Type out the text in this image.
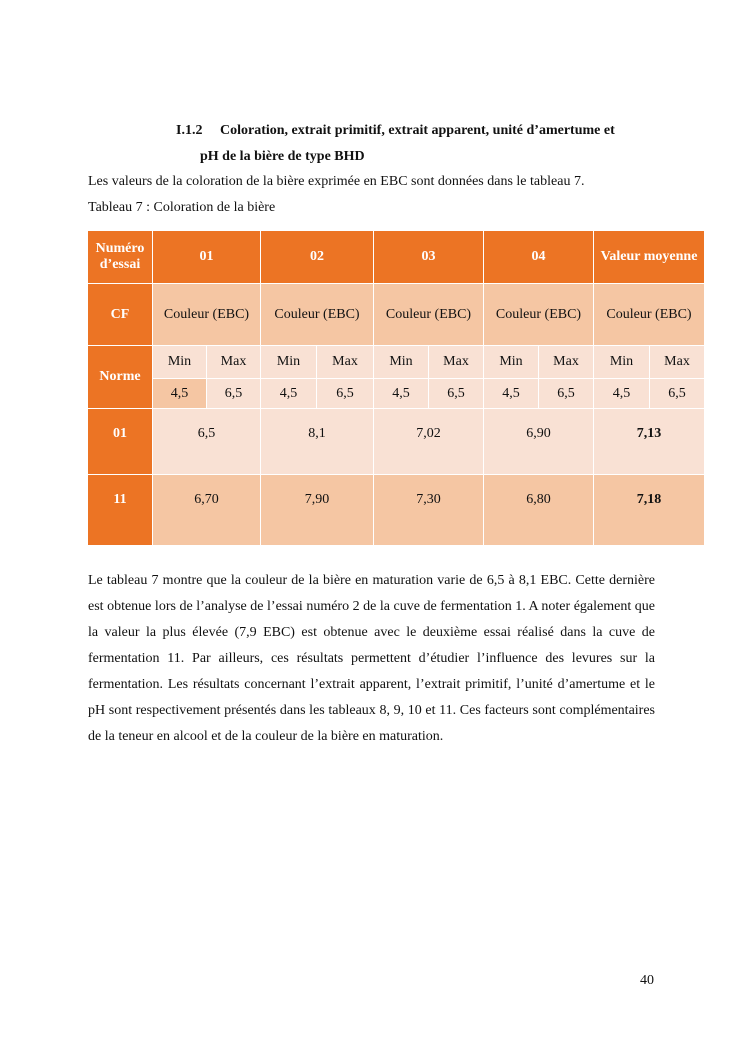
I.1.2 Coloration, extrait primitif, extrait apparent, unité d’amertume et
pH de la bière de type BHD
Les valeurs de la coloration de la bière exprimée en EBC sont données dans le tableau 7.
Tableau 7 : Coloration de la bière
Numéro d’essai	01		02		03		04		Valeur moyenne	
CF	Couleur (EBC)		Couleur (EBC)		Couleur (EBC)		Couleur (EBC)		Couleur (EBC)	
Norme	Min	Max	Min	Max	Min	Max	Min	Max	Min	Max
	4,5	6,5	4,5	6,5	4,5	6,5	4,5	6,5	4,5	6,5
01	6,5		8,1		7,02		6,90		7,13	
11	6,70		7,90		7,30		6,80		7,18	
Le tableau 7 montre que la couleur de la bière en maturation varie de 6,5 à 8,1 EBC. Cette dernière est obtenue lors de l’analyse de l’essai numéro 2 de la cuve de fermentation 1. A noter également que la valeur la plus élevée (7,9 EBC) est obtenue avec le deuxième essai réalisé dans la cuve de fermentation 11. Par ailleurs, ces résultats permettent d’étudier l’influence des levures sur la fermentation. Les résultats concernant l’extrait apparent, l’extrait primitif, l’unité d’amertume et le pH sont respectivement présentés dans les tableaux 8, 9, 10 et 11. Ces facteurs sont complémentaires de la teneur en alcool et de la couleur de la bière en maturation.
40
